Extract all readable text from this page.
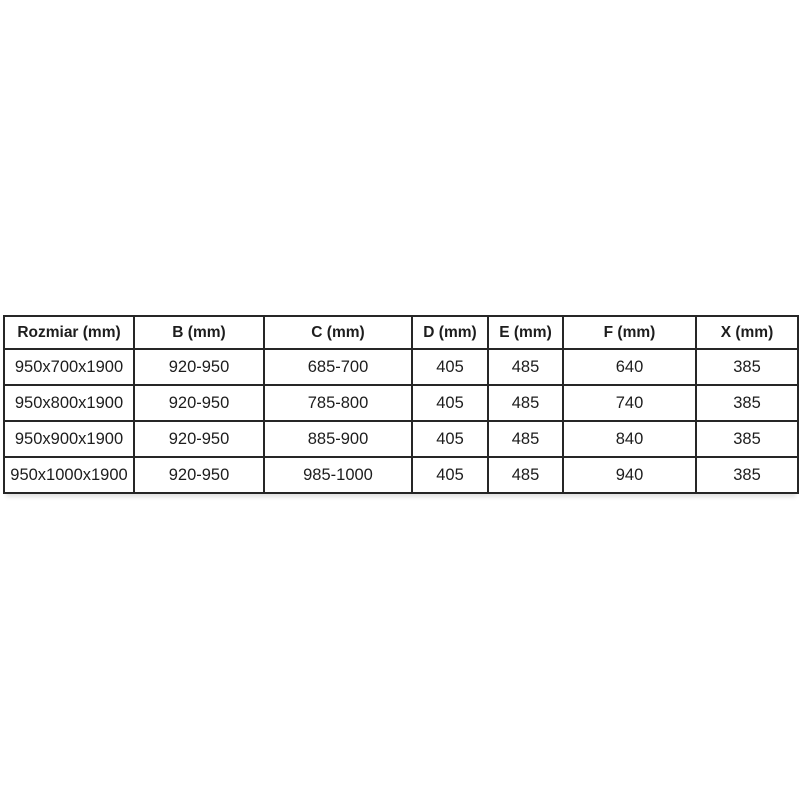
Rozmiar (mm)	B (mm)	C (mm)	D (mm)	E (mm)	F (mm)	X (mm)
950x700x1900	920-950	685-700	405	485	640	385
950x800x1900	920-950	785-800	405	485	740	385
950x900x1900	920-950	885-900	405	485	840	385
950x1000x1900	920-950	985-1000	405	485	940	385
